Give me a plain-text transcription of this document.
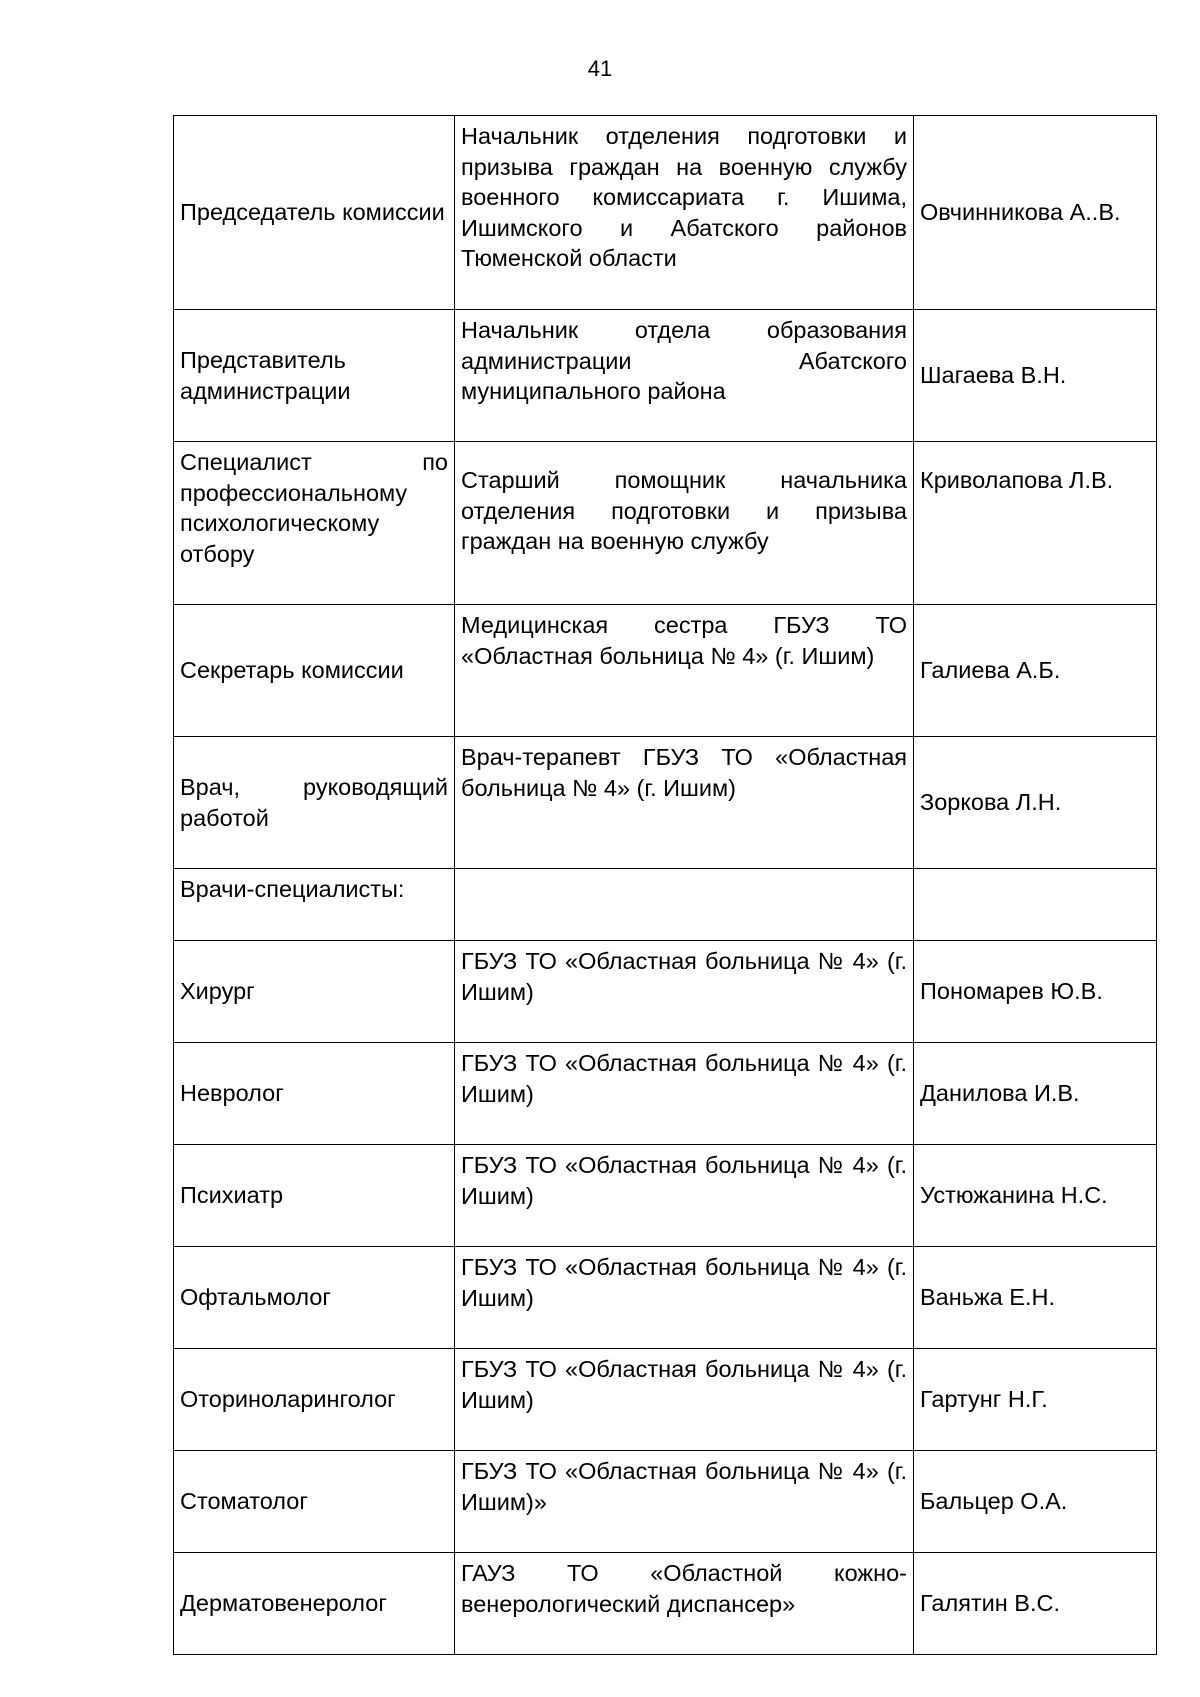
41
Председатель комиссии	Начальник отделения подготовки и призыва граждан на военную службу военного комиссариата г. Ишима, Ишимского и Абатского районов Тюменской области	Овчинникова А..В.
Представитель администрации	Начальник отдела образования администрации Абатского муниципального района	Шагаева В.Н.
Специалист по профессиональному психологическому отбору	Старший помощник начальника отделения подготовки и призыва граждан на военную службу	Криволапова Л.В.
Секретарь комиссии	Медицинская сестра ГБУЗ ТО «Областная больница № 4» (г. Ишим)	Галиева А.Б.
Врач, руководящий работой	Врач-терапевт ГБУЗ ТО «Областная больница № 4» (г. Ишим)	Зоркова Л.Н.
Врачи-специалисты:		
Хирург	ГБУЗ ТО «Областная больница № 4» (г. Ишим)	Пономарев Ю.В.
Невролог	ГБУЗ ТО «Областная больница № 4» (г. Ишим)	Данилова И.В.
Психиатр	ГБУЗ ТО «Областная больница № 4» (г. Ишим)	Устюжанина Н.С.
Офтальмолог	ГБУЗ ТО «Областная больница № 4» (г. Ишим)	Ваньжа Е.Н.
Оториноларинголог	ГБУЗ ТО «Областная больница № 4» (г. Ишим)	Гартунг Н.Г.
Стоматолог	ГБУЗ ТО «Областная больница № 4» (г. Ишим)»	Бальцер О.А.
Дерматовенеролог	ГАУЗ ТО «Областной кожно-венерологический диспансер»	Галятин В.С.
